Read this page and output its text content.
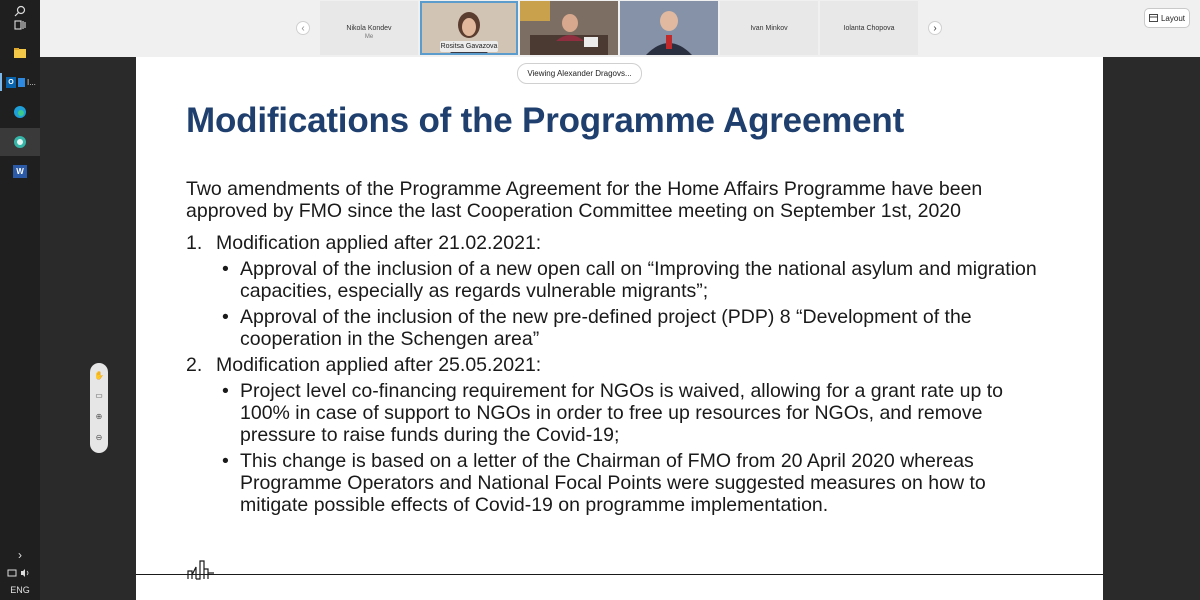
O I...
W
›
ENG
‹	Nikola Kondev
Me
Rositsa Gavazova
Ivan Minkov	Iolanta Chopova	›
Layout
Modifications of the Programme Agreement
Two amendments of the Programme Agreement for the Home Affairs Programme have been approved by FMO since the last Cooperation Committee meeting on September 1st, 2020
1. Modification applied after 21.02.2021:
• Approval of the inclusion of a new open call on “Improving the national asylum and migration capacities, especially as regards vulnerable migrants”;
• Approval of the inclusion of the new pre-defined project (PDP) 8 “Development of the cooperation in the Schengen area”
2. Modification applied after 25.05.2021:
• Project level co-financing requirement for NGOs is waived, allowing for a grant rate up to 100% in case of support to NGOs in order to free up resources for NGOs, and remove pressure to raise funds during the Covid-19;
• This change is based on a letter of the Chairman of FMO from 20 April 2020 whereas Programme Operators and National Focal Points were suggested measures on how to mitigate possible effects of Covid-19 on programme implementation.
✋
▭
⊕
⊖
Viewing Alexander Dragovs...
